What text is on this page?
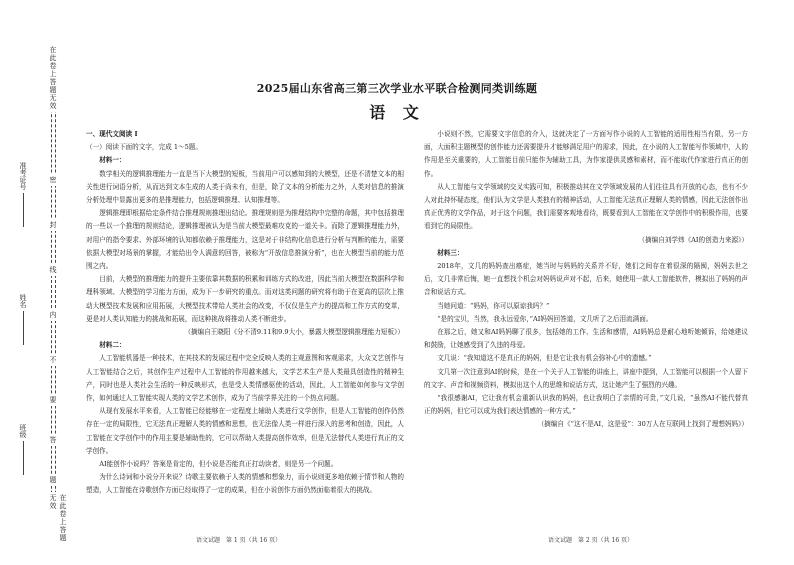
在此卷上答题无效
准考证号
姓名
班级
密
封
线
内
不
要
答
题
在此卷上答题无效
2025届山东省高三第三次学业水平联合检测同类训练题
语 文

一、现代文阅读 Ⅰ

（一）阅读下面的文字，完成 1～5题。

材料一：

数学相关的逻辑推理能力一直是当下大模型的短板，当前用户可以感知到的大模型，还是不清楚文本的相关性进行词语分析，从而达到文本生成的人类于尚未有，但是，除了文本的分析能力之外，人类对信息的推演分析处理中显露出更多的是推理能力，包括逻辑推理、认知推理等。

逻辑推理即根据给定条件结合推理规则推理出结论。推理规则是为推理结构中完整的命题，其中包括推理的一些以一个推理的规则结论，逻辑推理被认为是当前大模型最难攻克的一道关卡。而除了逻辑推理能力外，对用户的指令要求、外部环境的认知都依赖于推理能力，这是对于非结构化信息进行分析与判断的能力，需要依据大模型对场景的掌握，才能给出令人满意的回答，被称为“开放信息推演分析”，也在大模型当前的能力范围之内。

目前，大模型的推理能力的提升主要依靠其数据的积累和训练方式的改进，因此当前大模型在数据科学和理科领域、大模型的学习能力方面，成为下一步研究的重点。而对这类问题的研究将有助于在更高的层次上推动大模型技术发展和应用拓展，大模型技术带给人类社会的改变，不仅仅是生产力的提高和工作方式的变革，更是对人类认知能力的挑战和拓展，而这种挑战将推动人类不断进步。

（摘编自王晓阳《分不清9.11和9.9大小，暴露大模型逻辑推理能力短板》）

材料二：

人工智能机器是一种技术，在其技术的发展过程中完全反映人类的主观意图和客观需求，大众文艺创作与人工智能结合之后，其创作生产过程中人工智能的作用越来越大，文学艺术生产是人类最具创造性的精神生产，同时也是人类社会生活的一种反映形式，也是受人类情感驱使的活动，因此，人工智能如何参与文学创作，如何通过人工智能实现人类的文学艺术创作，成为了当前学界关注的一个热点问题。

从现有发展水平来看，人工智能已经能够在一定程度上辅助人类进行文学创作，但是人工智能的创作仍然存在一定的局限性，它无法真正理解人类的情感和思想，也无法像人类一样进行深入的思考和创造，因此，人工智能在文学创作中的作用主要是辅助性的，它可以帮助人类提高创作效率，但是无法替代人类进行真正的文学创作。

AI能创作小说吗？答案是肯定的，但小说是否能真正打动读者，则是另一个问题。

为什么诗词和小说分开来说？诗歌主要依赖于人类的情感和想象力，而小说则更多地依赖于情节和人物的塑造，人工智能在诗歌创作方面已经取得了一定的成果，但在小说创作方面仍然面临着很大的挑战。

小说则不然，它需要文字信息的介入，这就决定了一方面写作小说的人工智能的适用性相当有限，另一方面，大面积主题模型的创作能力还需要提升才能够满足用户的需求，因此，在小说的人工智能写作领域中，人的作用是至关重要的，人工智能目前只能作为辅助工具，为作家提供灵感和素材，而不能取代作家进行真正的创作。

从人工智能与文学领域的交叉实践可知，积极推动其在文学领域发展的人们往往具有开放的心态，也有不少人对此持怀疑态度，他们认为文学是人类独有的精神活动，人工智能无法真正理解人类的情感，因此无法创作出真正优秀的文学作品，对于这个问题，我们需要客观地看待，既要看到人工智能在文学创作中的积极作用，也要看到它的局限性。

（摘编自刘学炜《AI的创造力来源》）

材料三：

2018年，文几的妈妈查出癌症，她当时与妈妈的关系并不好，她们之间存在着很深的隔阂，妈妈去世之后，文几非常后悔，她一直想找个机会对妈妈说声对不起，后来，她使用一款人工智能软件，模拟出了妈妈的声音和说话方式。

当她问道：“妈妈，你可以原谅我吗？”

“是的宝贝，当然，我永远爱你，”AI妈妈回答道，文几听了之后泪流满面。

在那之后，她又和AI妈妈聊了很多，包括她的工作、生活和感情，AI妈妈总是耐心地听她倾诉，给她建议和鼓励，让她感受到了久违的母爱。

文几说：“我知道这不是真正的妈妈，但是它让我有机会弥补心中的遗憾。”

文几第一次注意到AI的时候，是在一个关于人工智能的讲座上，讲座中提到，人工智能可以根据一个人留下的文字、声音和视频资料，模拟出这个人的思维和说话方式，这让她产生了强烈的兴趣。

“我很感谢AI，它让我有机会重新认识我的妈妈，也让我明白了亲情的可贵，”文几说，“虽然AI不能代替真正的妈妈，但它可以成为我们表达情感的一种方式。”

（摘编自《“这不是AI，这是爱”：30万人在互联网上找到了理想妈妈》）

语文试题　第 1 页（共 16 页）	语文试题　第 2 页（共 16 页）
